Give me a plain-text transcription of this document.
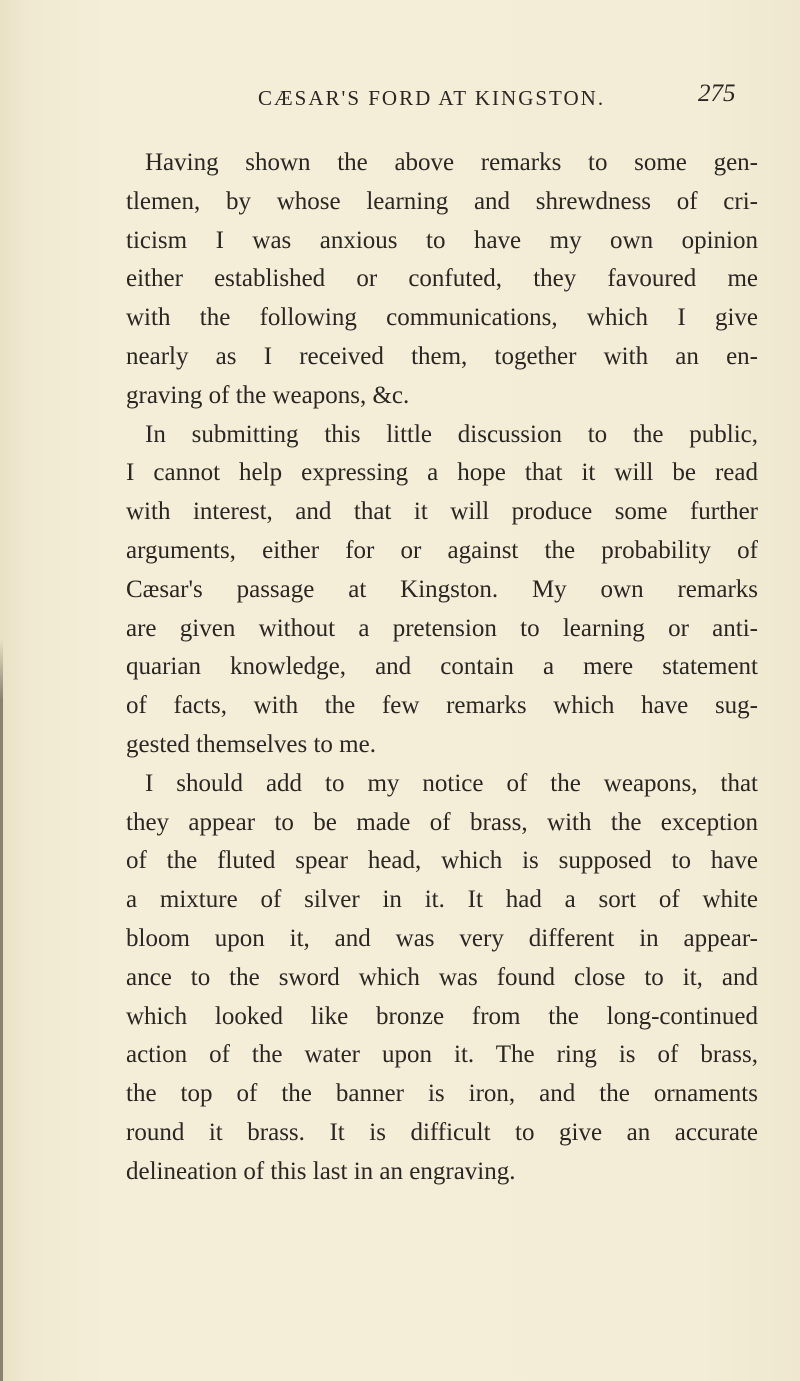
CÆSAR'S FORD AT KINGSTON.	275
Having shown the above remarks to some gen-
tlemen, by whose learning and shrewdness of cri-
ticism I was anxious to have my own opinion
either established or confuted, they favoured me
with the following communications, which I give
nearly as I received them, together with an en-
graving of the weapons, &c.
In submitting this little discussion to the public,
I cannot help expressing a hope that it will be read
with interest, and that it will produce some further
arguments, either for or against the probability of
Cæsar's passage at Kingston. My own remarks
are given without a pretension to learning or anti-
quarian knowledge, and contain a mere statement
of facts, with the few remarks which have sug-
gested themselves to me.
I should add to my notice of the weapons, that
they appear to be made of brass, with the exception
of the fluted spear head, which is supposed to have
a mixture of silver in it. It had a sort of white
bloom upon it, and was very different in appear-
ance to the sword which was found close to it, and
which looked like bronze from the long-continued
action of the water upon it. The ring is of brass,
the top of the banner is iron, and the ornaments
round it brass. It is difficult to give an accurate
delineation of this last in an engraving.
